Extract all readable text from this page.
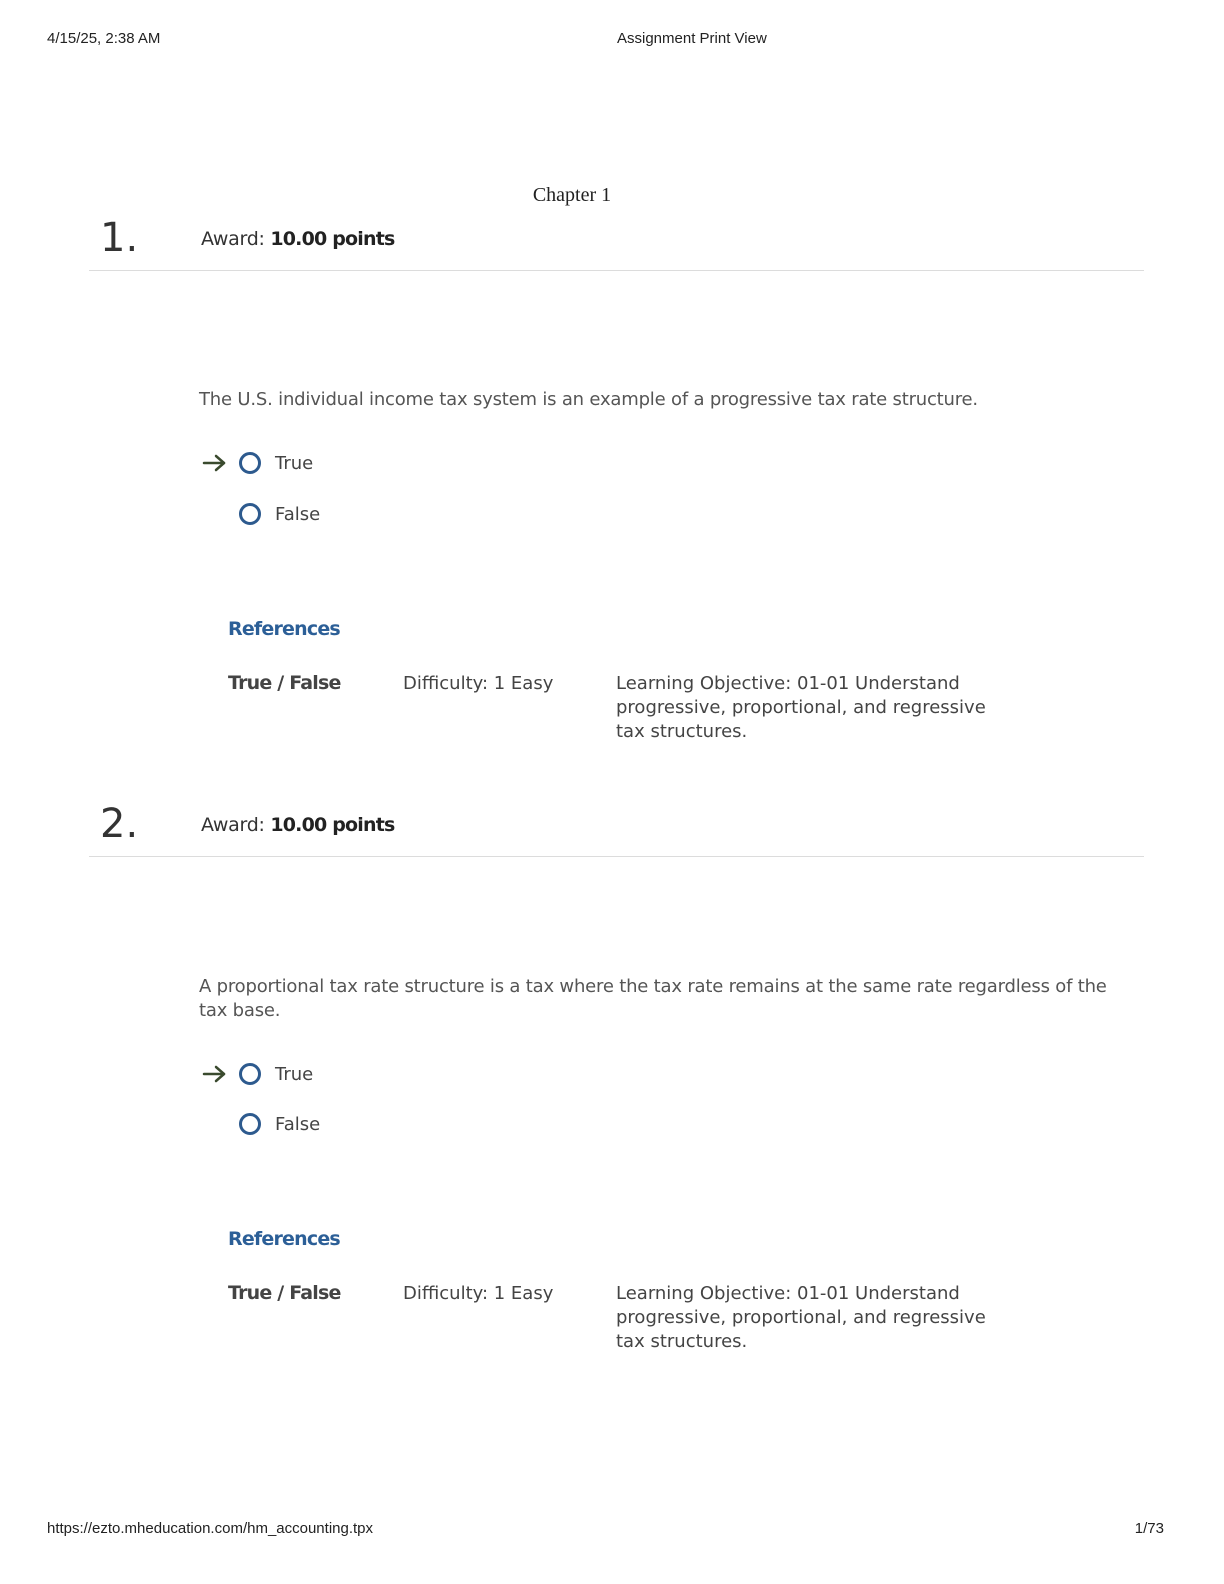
4/15/25, 2:38 AM	Assignment Print View
Chapter 1
1.	Award: 10.00 points
The U.S. individual income tax system is an example of a progressive tax rate structure.
True
False
References
True / False	Difficulty: 1 Easy	Learning Objective: 01-01 Understand progressive, proportional, and regressive tax structures.
2.	Award: 10.00 points
A proportional tax rate structure is a tax where the tax rate remains at the same rate regardless of the tax base.
True
False
References
True / False	Difficulty: 1 Easy	Learning Objective: 01-01 Understand progressive, proportional, and regressive tax structures.
https://ezto.mheducation.com/hm_accounting.tpx	1/73
